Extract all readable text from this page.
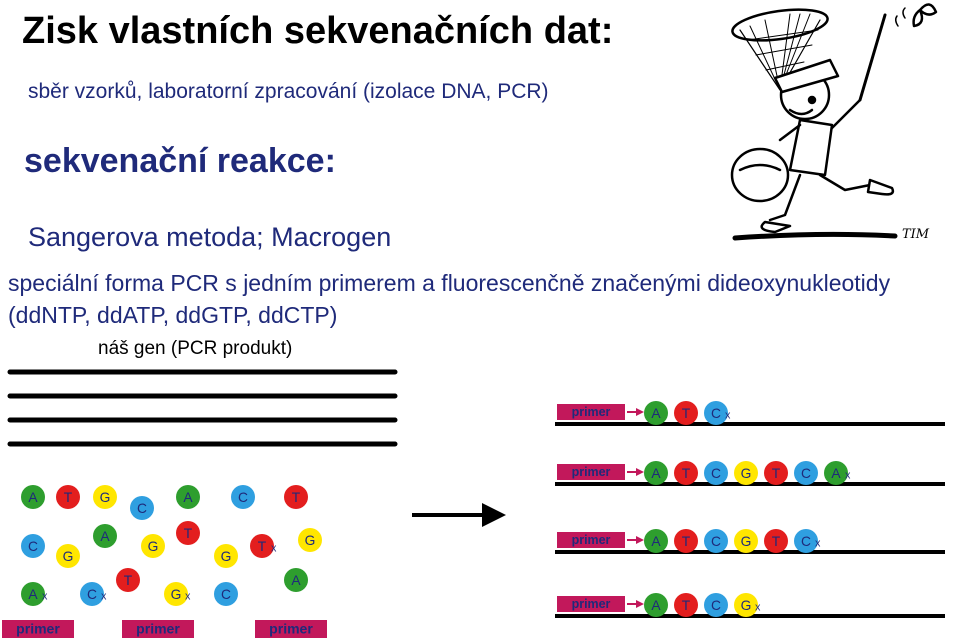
Zisk vlastních sekvenačních dat:
sběr vzorků, laboratorní zpracování (izolace DNA, PCR)
sekvenační reakce:
Sangerova metoda; Macrogen
speciální forma PCR s jedním primerem a fluorescenčně značenými dideoxynukleotidy
(ddNTP, ddATP, ddGTP, ddCTP)
náš gen (PCR produkt)
TIM
A T G
C
A	C	T
C
G
A
G
T
G
T x
G
A x	C x
T
G x C
A
primer	primer	primer
primer	A T C x
primer	A T C G T C A x
primer	A T C G T C x
primer	A T C G x
